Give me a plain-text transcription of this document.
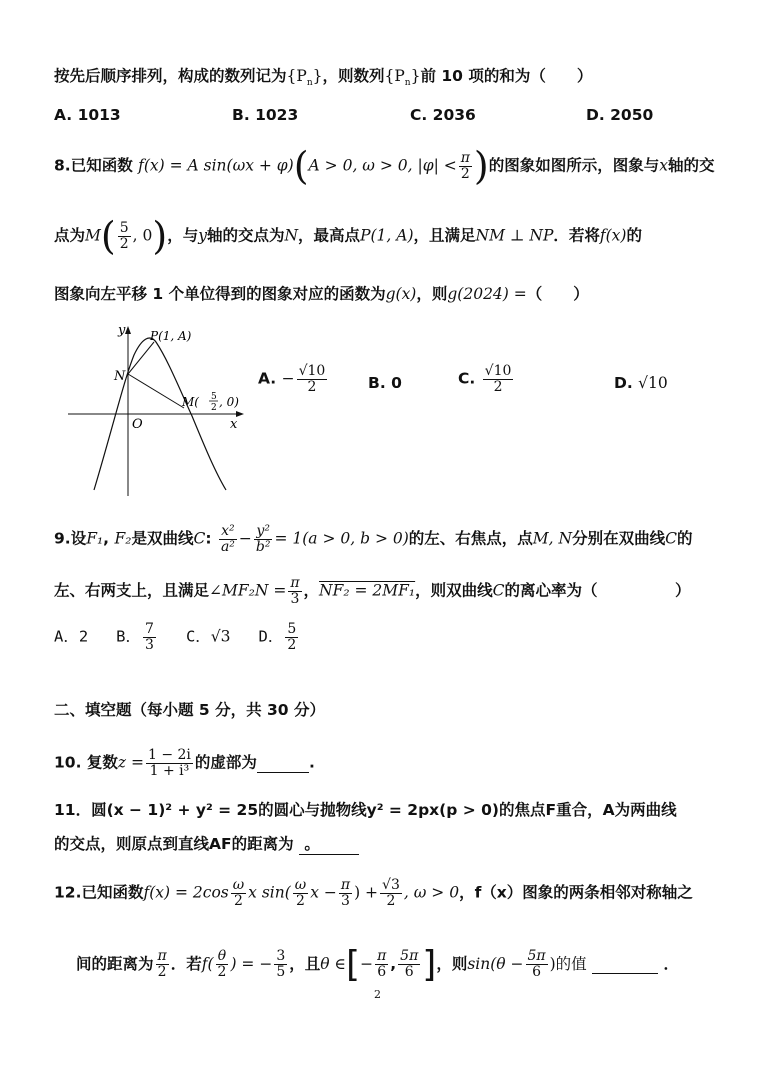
按先后顺序排列，构成的数列记为$\{P_n\}$，则数列$\{P_n\}$前 10 项的和为（　　）
A. 1013	B. 1023	C. 2036	D. 2050
8.已知函数 f(x) = A sin(ωx + φ)(A > 0, ω > 0, $|\varphi| < \frac{\pi}{2}$ )的图象如图所示，图象与x轴的交
点为$M( \frac{5}{2}$ , 0)，与y轴的交点为N，最高点P(1, A)，且满足NM ⊥ NP．若将f(x)的
图象向左平移 1 个单位得到的图象对应的函数为g(x)，则g(2024) =（　　）
y
x
O
N
P(1, A)
M( 5
2 , 0)
A. − $\frac{√10}{2}$	B. 0	C. $\frac{√10}{2}$	D. √10
9.设F₁, F₂是双曲线C: $\frac{\text{x²}}{\text{a²}} - \frac{\text{y²}}{\text{b²}} = 1(a > 0$, b > 0)的左、右焦点，点M, N分别在双曲线C的
左、右两支上，且满足∠MF₂N = $\frac{\pi}{3}$ ，NF₂ = 2MF₁，则双曲线C的离心率为（　　　　　）
A．2 B． $\frac{7}{3}$ C．√3 D． $\frac{5}{2}$
二、填空题（每小题 5 分，共 30 分）
10. 复数$z = \frac{1 - 2i}{\text{1 + i³}}$ 的虚部为	.
11．圆(x − 1)² + y² = 25的圆心与抛物线y² = 2px(p > 0)的焦点F重合，A为两曲线
的交点，则原点到直线AF的距离为 。
12.已知函数$f(x) = 2\cos \frac{\omega}{2}$ x $\sin( \frac{\omega}{2}$ $x - \frac{\pi}{3}$ ) + $\frac{√3}{2}$ , ω > 0，f（x）图象的两条相邻对称轴之
间的距离为 $\frac{\pi}{2}$ ．若$f( \frac{\theta}{2}$ ) = − $\frac{3}{5}$ ，且θ ∈[− $\frac{\pi}{6}$ , $\frac{5\pi}{6}$ ]，则$\sin(\theta - \frac{5\pi}{6}$ )的值	．
2
